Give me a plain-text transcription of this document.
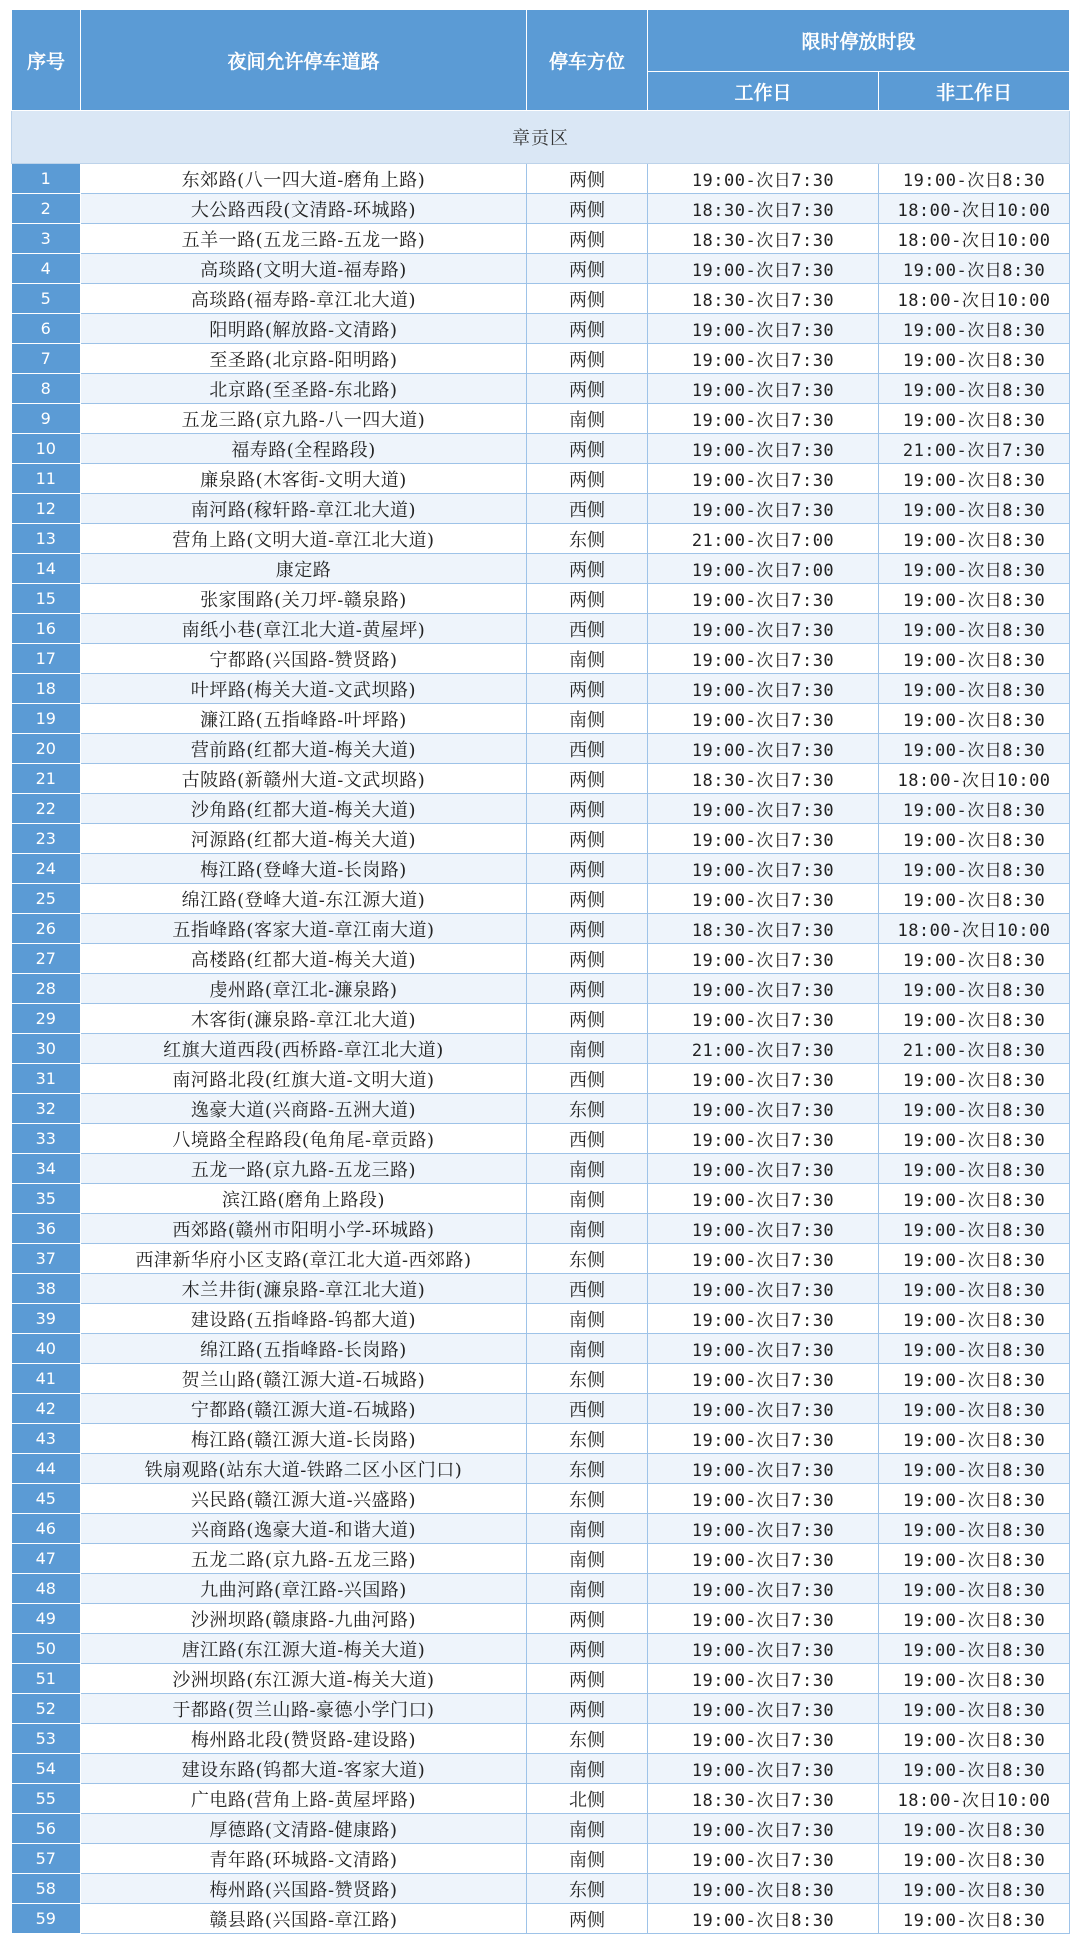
序号	夜间允许停车道路	停车方位	限时停放时段	
			工作日	非工作日
章贡区				
1	东郊路(八一四大道-磨角上路)	两侧	19:00-次日7:30	19:00-次日8:30
2	大公路西段(文清路-环城路)	两侧	18:30-次日7:30	18:00-次日10:00
3	五羊一路(五龙三路-五龙一路)	两侧	18:30-次日7:30	18:00-次日10:00
4	高琰路(文明大道-福寿路)	两侧	19:00-次日7:30	19:00-次日8:30
5	高琰路(福寿路-章江北大道)	两侧	18:30-次日7:30	18:00-次日10:00
6	阳明路(解放路-文清路)	两侧	19:00-次日7:30	19:00-次日8:30
7	至圣路(北京路-阳明路)	两侧	19:00-次日7:30	19:00-次日8:30
8	北京路(至圣路-东北路)	两侧	19:00-次日7:30	19:00-次日8:30
9	五龙三路(京九路-八一四大道)	南侧	19:00-次日7:30	19:00-次日8:30
10	福寿路(全程路段)	两侧	19:00-次日7:30	21:00-次日7:30
11	廉泉路(木客街-文明大道)	两侧	19:00-次日7:30	19:00-次日8:30
12	南河路(稼轩路-章江北大道)	西侧	19:00-次日7:30	19:00-次日8:30
13	营角上路(文明大道-章江北大道)	东侧	21:00-次日7:00	19:00-次日8:30
14	康定路	两侧	19:00-次日7:00	19:00-次日8:30
15	张家围路(关刀坪-赣泉路)	两侧	19:00-次日7:30	19:00-次日8:30
16	南纸小巷(章江北大道-黄屋坪)	西侧	19:00-次日7:30	19:00-次日8:30
17	宁都路(兴国路-赞贤路)	南侧	19:00-次日7:30	19:00-次日8:30
18	叶坪路(梅关大道-文武坝路)	两侧	19:00-次日7:30	19:00-次日8:30
19	濂江路(五指峰路-叶坪路)	南侧	19:00-次日7:30	19:00-次日8:30
20	营前路(红都大道-梅关大道)	西侧	19:00-次日7:30	19:00-次日8:30
21	古陂路(新赣州大道-文武坝路)	两侧	18:30-次日7:30	18:00-次日10:00
22	沙角路(红都大道-梅关大道)	两侧	19:00-次日7:30	19:00-次日8:30
23	河源路(红都大道-梅关大道)	两侧	19:00-次日7:30	19:00-次日8:30
24	梅江路(登峰大道-长岗路)	两侧	19:00-次日7:30	19:00-次日8:30
25	绵江路(登峰大道-东江源大道)	两侧	19:00-次日7:30	19:00-次日8:30
26	五指峰路(客家大道-章江南大道)	两侧	18:30-次日7:30	18:00-次日10:00
27	高楼路(红都大道-梅关大道)	两侧	19:00-次日7:30	19:00-次日8:30
28	虔州路(章江北-濂泉路)	两侧	19:00-次日7:30	19:00-次日8:30
29	木客街(濂泉路-章江北大道)	两侧	19:00-次日7:30	19:00-次日8:30
30	红旗大道西段(西桥路-章江北大道)	南侧	21:00-次日7:30	21:00-次日8:30
31	南河路北段(红旗大道-文明大道)	西侧	19:00-次日7:30	19:00-次日8:30
32	逸豪大道(兴商路-五洲大道)	东侧	19:00-次日7:30	19:00-次日8:30
33	八境路全程路段(龟角尾-章贡路)	西侧	19:00-次日7:30	19:00-次日8:30
34	五龙一路(京九路-五龙三路)	南侧	19:00-次日7:30	19:00-次日8:30
35	滨江路(磨角上路段)	南侧	19:00-次日7:30	19:00-次日8:30
36	西郊路(赣州市阳明小学-环城路)	南侧	19:00-次日7:30	19:00-次日8:30
37	西津新华府小区支路(章江北大道-西郊路)	东侧	19:00-次日7:30	19:00-次日8:30
38	木兰井街(濂泉路-章江北大道)	西侧	19:00-次日7:30	19:00-次日8:30
39	建设路(五指峰路-钨都大道)	南侧	19:00-次日7:30	19:00-次日8:30
40	绵江路(五指峰路-长岗路)	南侧	19:00-次日7:30	19:00-次日8:30
41	贺兰山路(赣江源大道-石城路)	东侧	19:00-次日7:30	19:00-次日8:30
42	宁都路(赣江源大道-石城路)	西侧	19:00-次日7:30	19:00-次日8:30
43	梅江路(赣江源大道-长岗路)	东侧	19:00-次日7:30	19:00-次日8:30
44	铁扇观路(站东大道-铁路二区小区门口)	东侧	19:00-次日7:30	19:00-次日8:30
45	兴民路(赣江源大道-兴盛路)	东侧	19:00-次日7:30	19:00-次日8:30
46	兴商路(逸豪大道-和谐大道)	南侧	19:00-次日7:30	19:00-次日8:30
47	五龙二路(京九路-五龙三路)	南侧	19:00-次日7:30	19:00-次日8:30
48	九曲河路(章江路-兴国路)	南侧	19:00-次日7:30	19:00-次日8:30
49	沙洲坝路(赣康路-九曲河路)	两侧	19:00-次日7:30	19:00-次日8:30
50	唐江路(东江源大道-梅关大道)	两侧	19:00-次日7:30	19:00-次日8:30
51	沙洲坝路(东江源大道-梅关大道)	两侧	19:00-次日7:30	19:00-次日8:30
52	于都路(贺兰山路-豪德小学门口)	两侧	19:00-次日7:30	19:00-次日8:30
53	梅州路北段(赞贤路-建设路)	东侧	19:00-次日7:30	19:00-次日8:30
54	建设东路(钨都大道-客家大道)	南侧	19:00-次日7:30	19:00-次日8:30
55	广电路(营角上路-黄屋坪路)	北侧	18:30-次日7:30	18:00-次日10:00
56	厚德路(文清路-健康路)	南侧	19:00-次日7:30	19:00-次日8:30
57	青年路(环城路-文清路)	南侧	19:00-次日7:30	19:00-次日8:30
58	梅州路(兴国路-赞贤路)	东侧	19:00-次日8:30	19:00-次日8:30
59	赣县路(兴国路-章江路)	两侧	19:00-次日8:30	19:00-次日8:30
